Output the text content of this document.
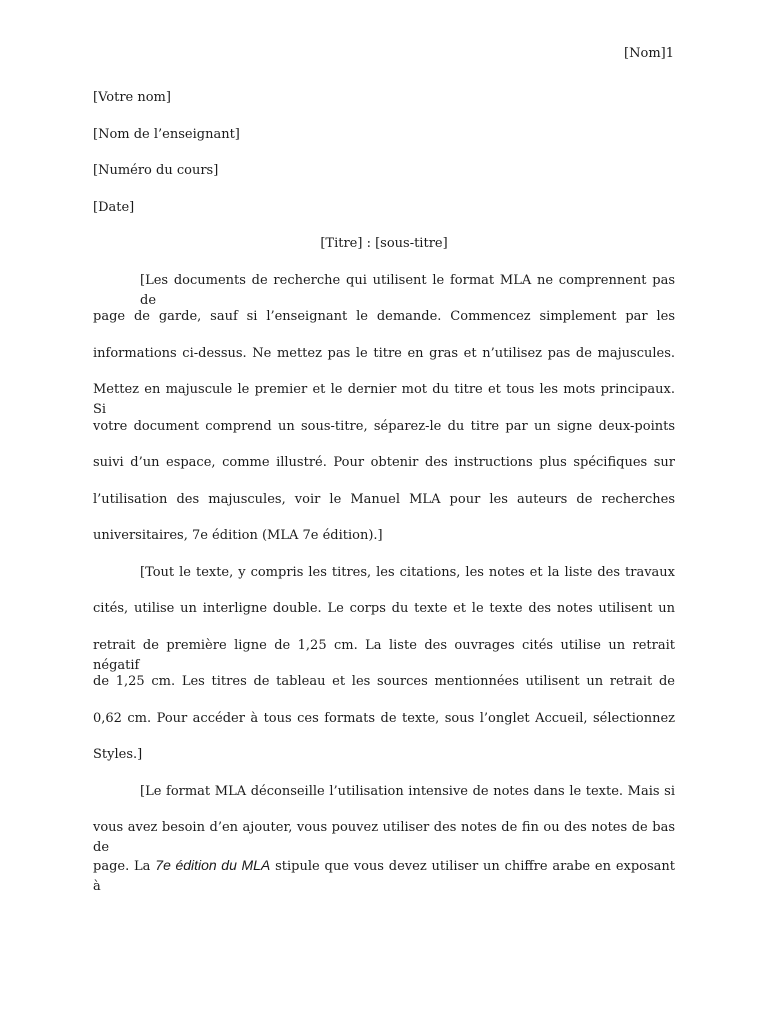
[Nom]1
[Votre nom]
[Nom de l’enseignant]
[Numéro du cours]
[Date]
[Titre] : [sous-titre]
[Les documents de recherche qui utilisent le format MLA ne comprennent pas de
page de garde, sauf si l’enseignant le demande. Commencez simplement par les
informations ci-dessus. Ne mettez pas le titre en gras et n’utilisez pas de majuscules.
Mettez en majuscule le premier et le dernier mot du titre et tous les mots principaux. Si
votre document comprend un sous-titre, séparez-le du titre par un signe deux-points
suivi d’un espace, comme illustré. Pour obtenir des instructions plus spécifiques sur
l’utilisation des majuscules, voir le Manuel MLA pour les auteurs de recherches
universitaires, 7e édition (MLA 7e édition).]
[Tout le texte, y compris les titres, les citations, les notes et la liste des travaux
cités, utilise un interligne double. Le corps du texte et le texte des notes utilisent un
retrait de première ligne de 1,25 cm. La liste des ouvrages cités utilise un retrait négatif
de 1,25 cm. Les titres de tableau et les sources mentionnées utilisent un retrait de
0,62 cm. Pour accéder à tous ces formats de texte, sous l’onglet Accueil, sélectionnez
Styles.]
[Le format MLA déconseille l’utilisation intensive de notes dans le texte. Mais si
vous avez besoin d’en ajouter, vous pouvez utiliser des notes de fin ou des notes de bas de
page. La 7e édition du MLA stipule que vous devez utiliser un chiffre arabe en exposant à
